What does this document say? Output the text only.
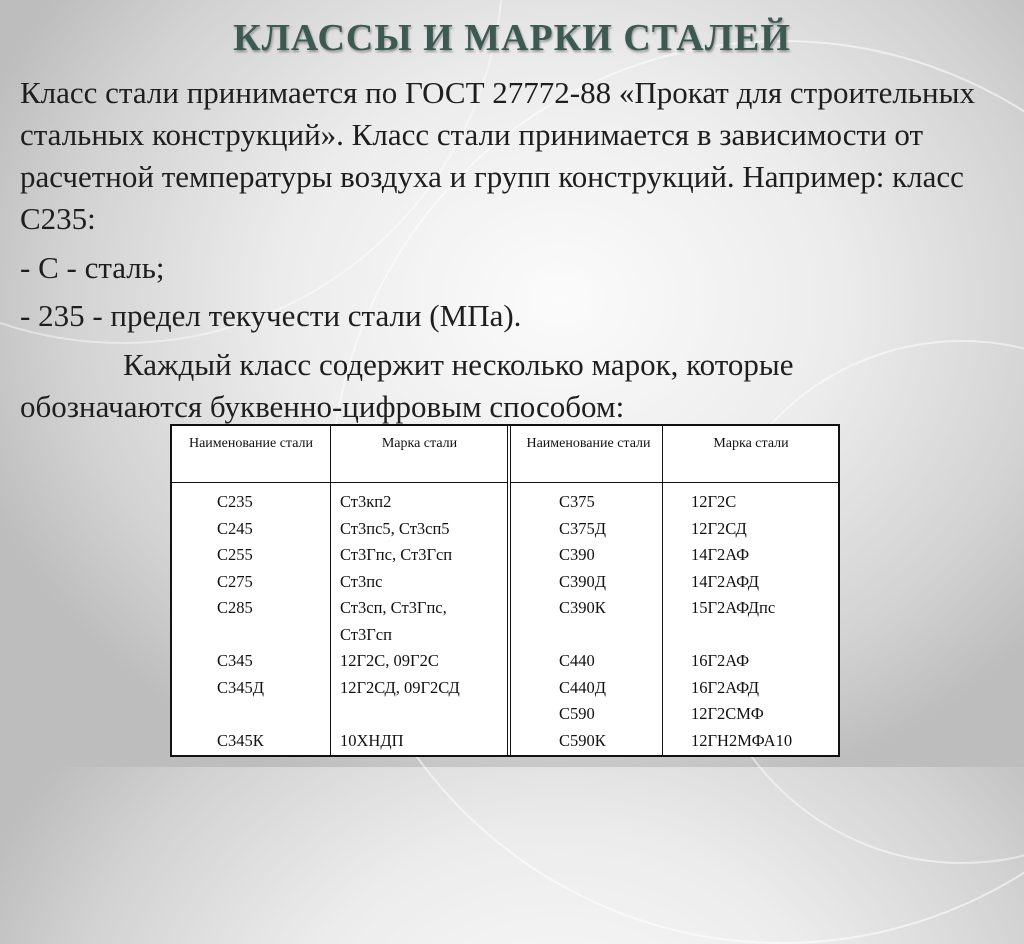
КЛАССЫ И МАРКИ СТАЛЕЙ
Класс стали принимается по ГОСТ 27772-88 «Прокат для строительных стальных конструкций». Класс стали принимается в зависимости от расчетной температуры воздуха и групп конструкций. Например: класс С235:
- С - сталь;
- 235 - предел текучести стали (МПа).
Каждый класс содержит несколько марок, которые обозначаются буквенно-цифровым способом:
Наименование стали	Марка стали

С235	Ст3кп2

С245	Ст3пс5, Ст3сп5

С255	Ст3Гпс, Ст3Гсп

С275	Ст3пс

С285	Ст3сп, Ст3Гпс,

Ст3Гсп

С345	12Г2С, 09Г2С

С345Д	12Г2СД, 09Г2СД

С345К	10ХНДП
Наименование стали	Марка стали

С375	12Г2С

С375Д	12Г2СД

С390	14Г2АФ

С390Д	14Г2АФД

С390К	15Г2АФДпс

С440	16Г2АФ

С440Д	16Г2АФД

С590	12Г2СМФ

С590К	12ГН2МФА10
